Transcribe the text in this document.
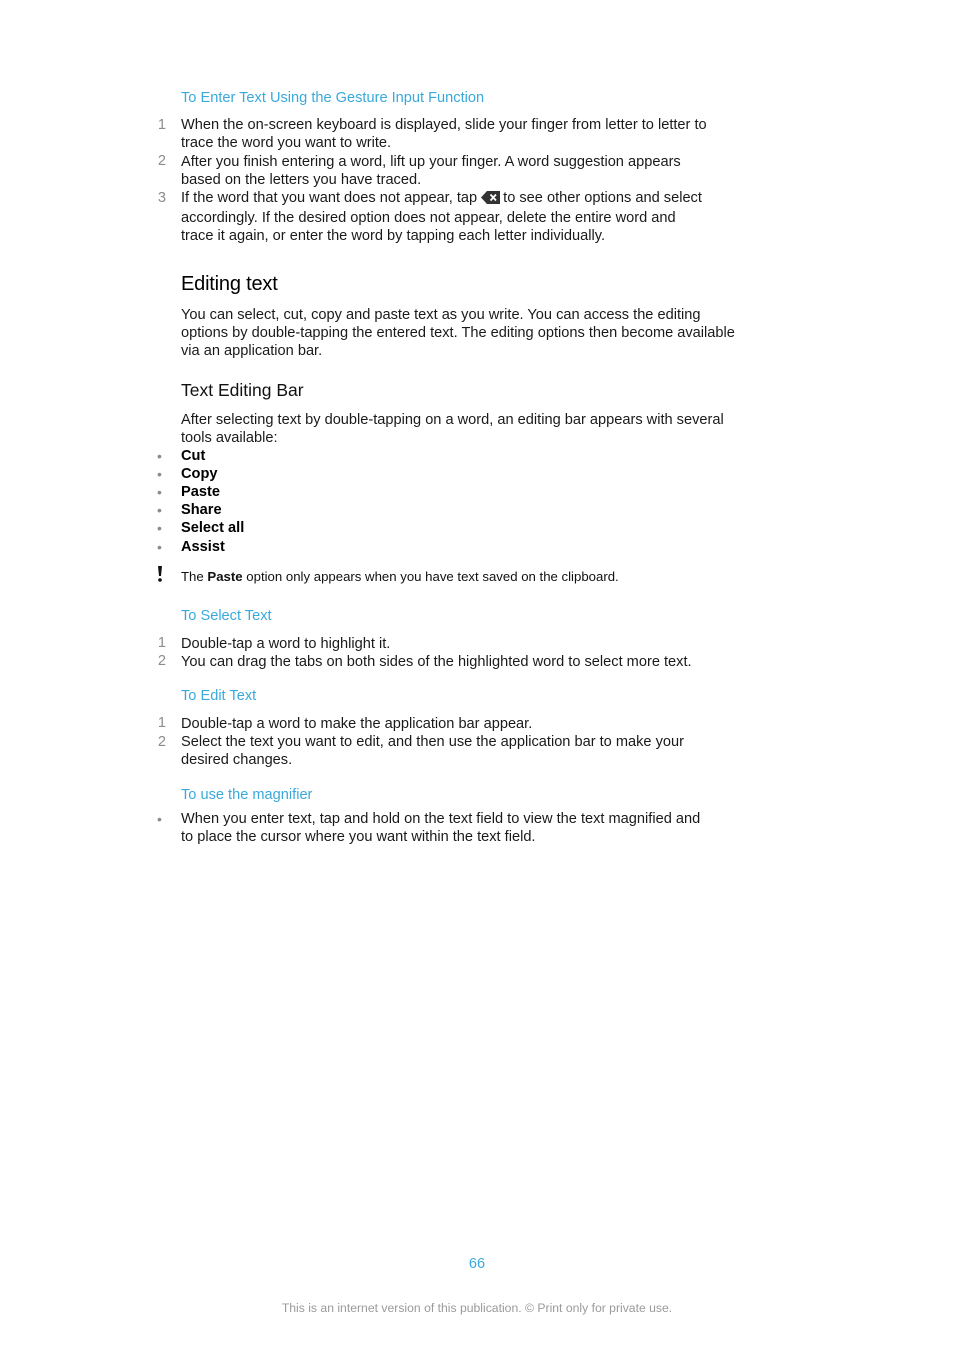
To Enter Text Using the Gesture Input Function
1 When the on-screen keyboard is displayed, slide your finger from letter to letter to
trace the word you want to write.
2 After you finish entering a word, lift up your finger. A word suggestion appears
based on the letters you have traced.
3 If the word that you want does not appear, tap to see other options and select
accordingly. If the desired option does not appear, delete the entire word and
trace it again, or enter the word by tapping each letter individually.
Editing text
You can select, cut, copy and paste text as you write. You can access the editing
options by double-tapping the entered text. The editing options then become available
via an application bar.
Text Editing Bar
After selecting text by double-tapping on a word, an editing bar appears with several
tools available:
• Cut
• Copy
• Paste
• Share
• Select all
• Assist
The Paste option only appears when you have text saved on the clipboard.
To Select Text
1 Double-tap a word to highlight it.
2 You can drag the tabs on both sides of the highlighted word to select more text.
To Edit Text
1 Double-tap a word to make the application bar appear.
2 Select the text you want to edit, and then use the application bar to make your
desired changes.
To use the magnifier
• When you enter text, tap and hold on the text field to view the text magnified and
to place the cursor where you want within the text field.
66
This is an internet version of this publication. © Print only for private use.
